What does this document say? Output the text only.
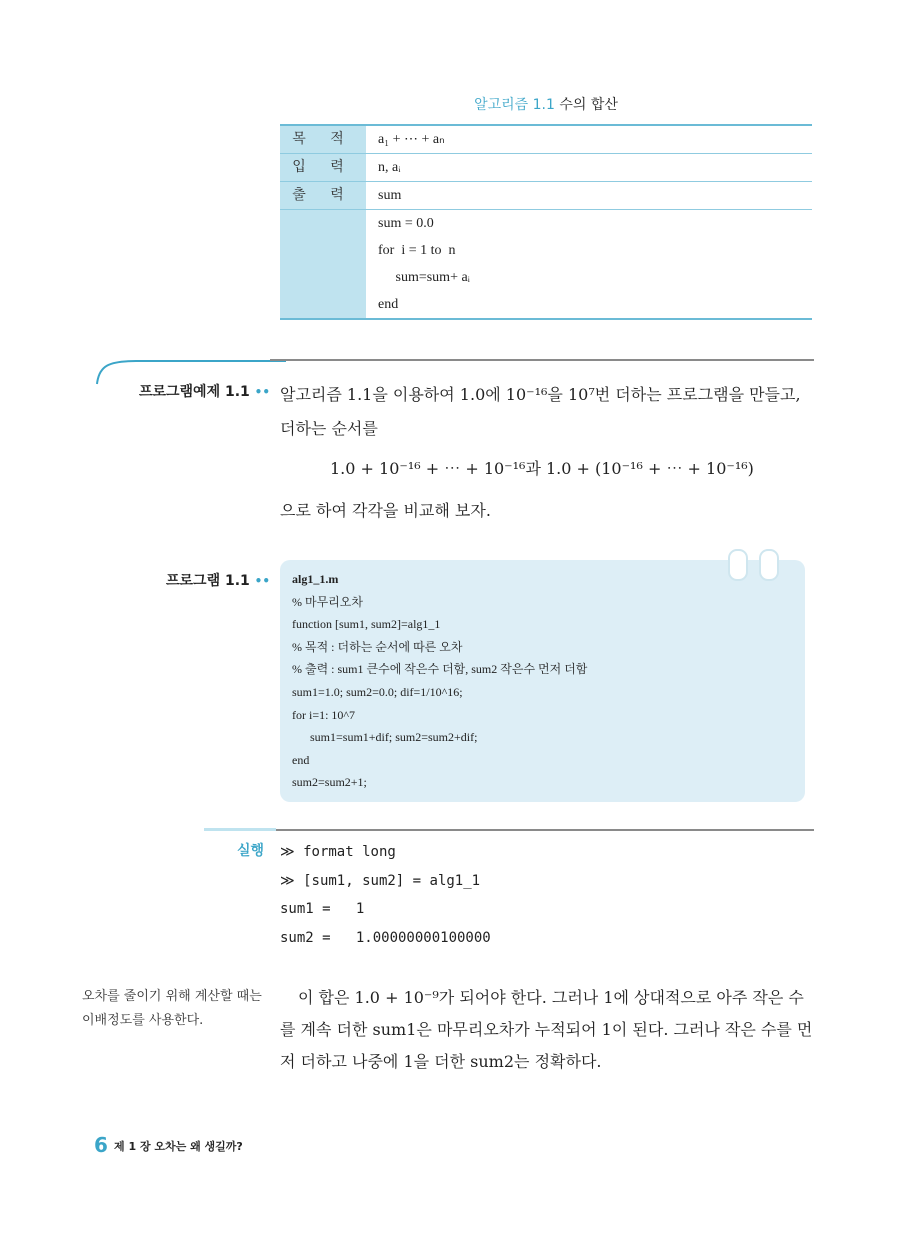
알고리즘 1.1 수의 합산
목 적	a₁ + ⋯ + aₙ
입 력	n, aᵢ
출 력	sum
sum = 0.0
for  i = 1 to  n
sum=sum+ aᵢ
end
프로그램예제 1.1 •• 알고리즘 1.1을 이용하여 1.0에 10⁻¹⁶을 10⁷번 더하는 프로그램을 만들고, 더하는 순서를
1.0 + 10⁻¹⁶ + ⋯ + 10⁻¹⁶과 1.0 + (10⁻¹⁶ + ⋯ + 10⁻¹⁶)
으로 하여 각각을 비교해 보자.
프로그램 1.1 •• alg1_1.m
% 마무리오차
function [sum1, sum2]=alg1_1
% 목적 : 더하는 순서에 따른 오차
% 출력 : sum1 큰수에 작은수 더함, sum2 작은수 먼저 더함
sum1=1.0; sum2=0.0; dif=1/10^16;
for i=1: 10^7
sum1=sum1+dif; sum2=sum2+dif;
end
sum2=sum2+1;
실행 ≫ format long
≫ [sum1, sum2] = alg1_1
sum1 =   1
sum2 =   1.00000000100000
오차를 줄이기 위해 계산할 때는 이배정도를 사용한다.
이 합은 1.0 + 10⁻⁹가 되어야 한다. 그러나 1에 상대적으로 아주 작은 수를 계속 더한 sum1은 마무리오차가 누적되어 1이 된다. 그러나 작은 수를 먼저 더하고 나중에 1을 더한 sum2는 정확하다.
6 제 1 장 오차는 왜 생길까?
